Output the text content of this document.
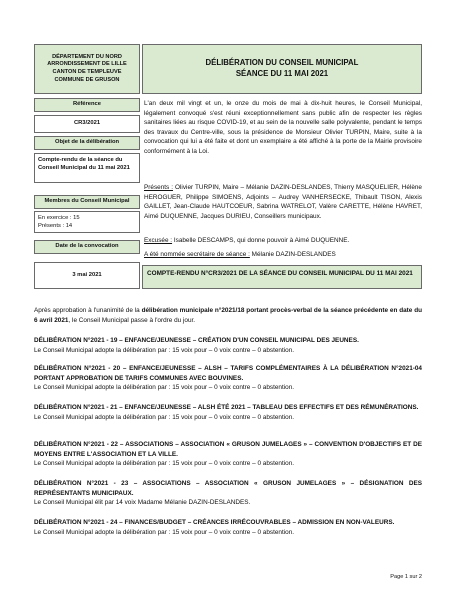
DÉPARTEMENT DU NORD
ARRONDISSEMENT DE LILLE
CANTON DE TEMPLEUVE
COMMUNE DE GRUSON
DÉLIBÉRATION DU CONSEIL MUNICIPAL
SÉANCE DU 11 MAI 2021
Référence
CR3/2021
Objet de la délibération
Compte-rendu de la séance du Conseil Municipal du 11 mai 2021
Membres du Conseil Municipal
En exercice : 15
Présents : 14
Date de la convocation
3 mai 2021
L'an deux mil vingt et un, le onze du mois de mai à dix-huit heures, le Conseil Municipal, légalement convoqué s'est réuni exceptionnellement sans public afin de respecter les règles sanitaires liées au risque COVID-19, et au sein de la nouvelle salle polyvalente, pendant le temps des travaux du Centre-ville, sous la présidence de Monsieur Olivier TURPIN, Maire, suite à la convocation qui lui a été faite et dont un exemplaire a été affiché à la porte de la Mairie provisoire conformément à la Loi.
Présents : Olivier TURPIN, Maire – Mélanie DAZIN-DESLANDES, Thierry MASQUELIER, Hélène HEROGUER, Philippe SIMOENS, Adjoints – Audrey VANHERSECKE, Thibault TISON, Alexis GAILLET, Jean-Claude HAUTCOEUR, Sabrina WATRELOT, Valère CARETTE, Hélène HAVRET, Aimé DUQUENNE, Jacques DURIEU, Conseillers municipaux.
Excusée : Isabelle DESCAMPS, qui donne pouvoir à Aimé DUQUENNE.
A été nommée secrétaire de séance : Mélanie DAZIN-DESLANDES
COMPTE-RENDU N°CR3/2021 DE LA SÉANCE DU CONSEIL MUNICIPAL DU 11 MAI 2021
Après approbation à l'unanimité de la délibération municipale n°2021/18 portant procès-verbal de la séance précédente en date du 6 avril 2021, le Conseil Municipal passe à l'ordre du jour.
DÉLIBÉRATION N°2021 - 19 – ENFANCE/JEUNESSE – CRÉATION D'UN CONSEIL MUNICIPAL DES JEUNES.
Le Conseil Municipal adopte la délibération par : 15 voix pour – 0 voix contre – 0 abstention.
DÉLIBÉRATION N°2021 - 20 – ENFANCE/JEUNESSE – ALSH – TARIFS COMPLÉMENTAIRES À LA DÉLIBÉRATION N°2021-04 PORTANT APPROBATION DE TARIFS COMMUNES AVEC BOUVINES.
Le Conseil Municipal adopte la délibération par : 15 voix pour – 0 voix contre – 0 abstention.
DÉLIBÉRATION N°2021 - 21 – ENFANCE/JEUNESSE – ALSH ÉTÉ 2021 – TABLEAU DES EFFECTIFS ET DES RÉMUNÉRATIONS.
Le Conseil Municipal adopte la délibération par : 15 voix pour – 0 voix contre – 0 abstention.
DÉLIBÉRATION N°2021 - 22 – ASSOCIATIONS – ASSOCIATION « GRUSON JUMELAGES » – CONVENTION D'OBJECTIFS ET DE MOYENS ENTRE L'ASSOCIATION ET LA VILLE.
Le Conseil Municipal adopte la délibération par : 15 voix pour – 0 voix contre – 0 abstention.
DÉLIBÉRATION N°2021 - 23 – ASSOCIATIONS – ASSOCIATION « GRUSON JUMELAGES » – DÉSIGNATION DES REPRÉSENTANTS MUNICIPAUX.
Le Conseil Municipal élit par 14 voix Madame Mélanie DAZIN-DESLANDES.
DÉLIBÉRATION N°2021 - 24 – FINANCES/BUDGET – CRÉANCES IRRÉCOUVRABLES – ADMISSION EN NON-VALEURS.
Le Conseil Municipal adopte la délibération par : 15 voix pour – 0 voix contre – 0 abstention.
Page 1 sur 2
